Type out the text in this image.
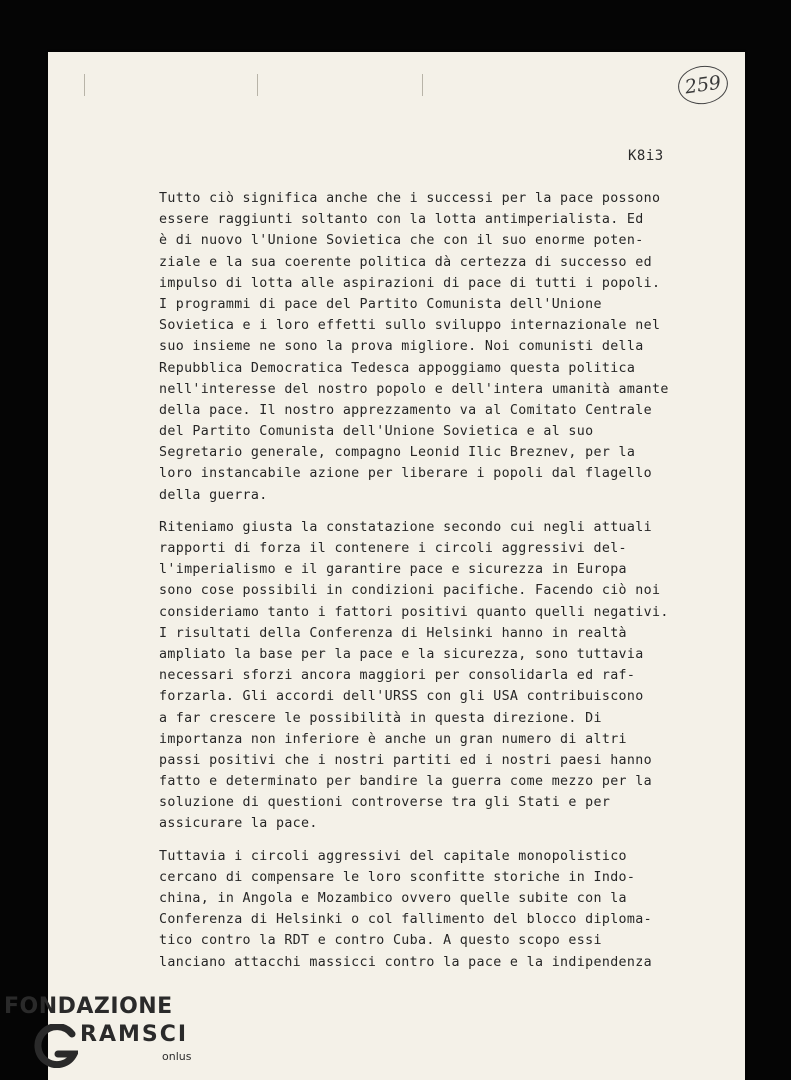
259
K8i3
Tutto ciò significa anche che i successi per la pace possono
essere raggiunti soltanto con la lotta antimperialista. Ed
è di nuovo l'Unione Sovietica che con il suo enorme poten-
ziale e la sua coerente politica dà certezza di successo ed
impulso di lotta alle aspirazioni di pace di tutti i popoli.
I programmi di pace del Partito Comunista dell'Unione
Sovietica e i loro effetti sullo sviluppo internazionale nel
suo insieme ne sono la prova migliore. Noi comunisti della
Repubblica Democratica Tedesca appoggiamo questa politica
nell'interesse del nostro popolo e dell'intera umanità amante
della pace. Il nostro apprezzamento va al Comitato Centrale
del Partito Comunista dell'Unione Sovietica e al suo
Segretario generale, compagno Leonid Ilic Breznev, per la
loro instancabile azione per liberare i popoli dal flagello
della guerra.
Riteniamo giusta la constatazione secondo cui negli attuali
rapporti di forza il contenere i circoli aggressivi del-
l'imperialismo e il garantire pace e sicurezza in Europa
sono cose possibili in condizioni pacifiche. Facendo ciò noi
consideriamo tanto i fattori positivi quanto quelli negativi.
I risultati della Conferenza di Helsinki hanno in realtà
ampliato la base per la pace e la sicurezza, sono tuttavia
necessari sforzi ancora maggiori per consolidarla ed raf-
forzarla. Gli accordi dell'URSS con gli USA contribuiscono
a far crescere le possibilità in questa direzione. Di
importanza non inferiore è anche un gran numero di altri
passi positivi che i nostri partiti ed i nostri paesi hanno
fatto e determinato per bandire la guerra come mezzo per la
soluzione di questioni controverse tra gli Stati e per
assicurare la pace.
Tuttavia i circoli aggressivi del capitale monopolistico
cercano di compensare le loro sconfitte storiche in Indo-
china, in Angola e Mozambico ovvero quelle subite con la
Conferenza di Helsinki o col fallimento del blocco diploma-
tico contro la RDT e contro Cuba. A questo scopo essi
lanciano attacchi massicci contro la pace e la indipendenza
FONDAZIONE
RAMSCI
onlus
